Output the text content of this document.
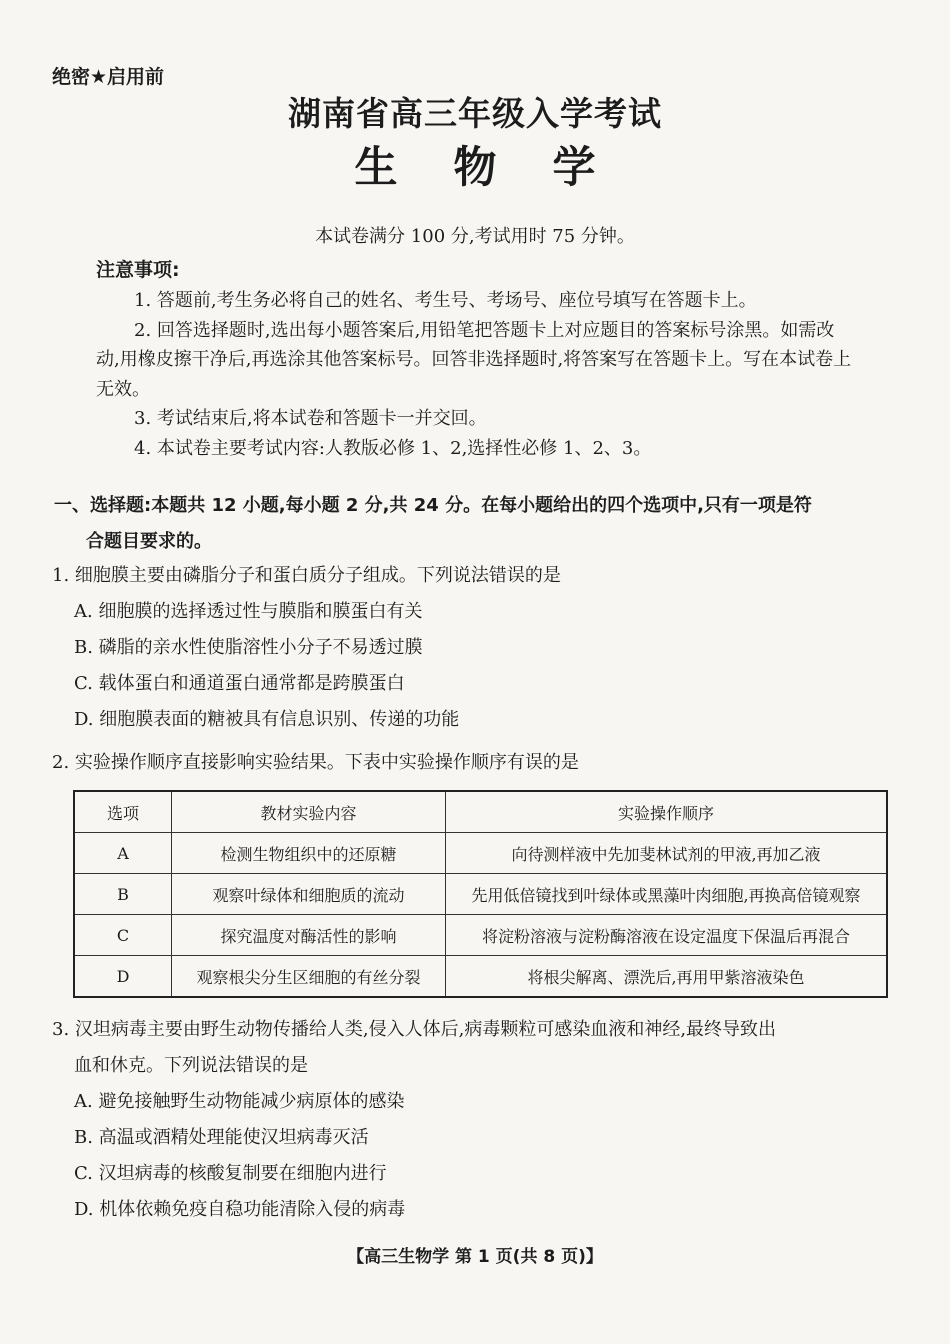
绝密★启用前
湖南省高三年级入学考试
生物学
本试卷满分 100 分,考试用时 75 分钟。
注意事项:

1. 答题前,考生务必将自己的姓名、考生号、考场号、座位号填写在答题卡上。

2. 回答选择题时,选出每小题答案后,用铅笔把答题卡上对应题目的答案标号涂黑。如需改动,用橡皮擦干净后,再选涂其他答案标号。回答非选择题时,将答案写在答题卡上。写在本试卷上无效。

3. 考试结束后,将本试卷和答题卡一并交回。

4. 本试卷主要考试内容:人教版必修 1、2,选择性必修 1、2、3。

一、选择题:本题共 12 小题,每小题 2 分,共 24 分。在每小题给出的四个选项中,只有一项是符
合题目要求的。

1. 细胞膜主要由磷脂分子和蛋白质分子组成。下列说法错误的是

A. 细胞膜的选择透过性与膜脂和膜蛋白有关

B. 磷脂的亲水性使脂溶性小分子不易透过膜

C. 载体蛋白和通道蛋白通常都是跨膜蛋白

D. 细胞膜表面的糖被具有信息识别、传递的功能

2. 实验操作顺序直接影响实验结果。下表中实验操作顺序有误的是

选项	教材实验内容	实验操作顺序
A	检测生物组织中的还原糖	向待测样液中先加斐林试剂的甲液,再加乙液
B	观察叶绿体和细胞质的流动	先用低倍镜找到叶绿体或黑藻叶肉细胞,再换高倍镜观察
C	探究温度对酶活性的影响	将淀粉溶液与淀粉酶溶液在设定温度下保温后再混合
D	观察根尖分生区细胞的有丝分裂	将根尖解离、漂洗后,再用甲紫溶液染色

3. 汉坦病毒主要由野生动物传播给人类,侵入人体后,病毒颗粒可感染血液和神经,最终导致出

血和休克。下列说法错误的是

A. 避免接触野生动物能减少病原体的感染

B. 高温或酒精处理能使汉坦病毒灭活

C. 汉坦病毒的核酸复制要在细胞内进行

D. 机体依赖免疫自稳功能清除入侵的病毒

【高三生物学 第 1 页(共 8 页)】
